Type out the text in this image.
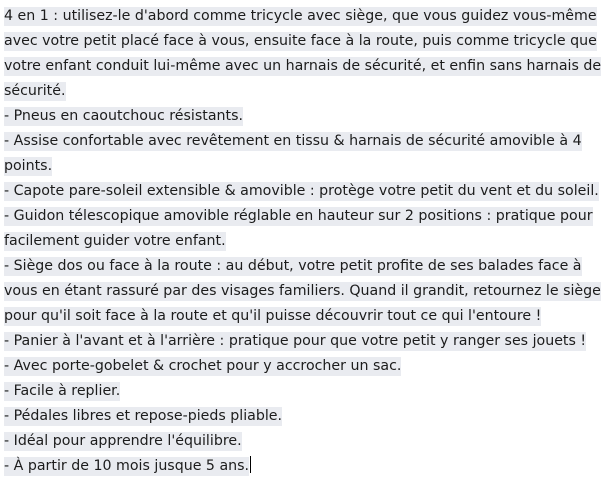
4 en 1 : utilisez-le d'abord comme tricycle avec siège, que vous guidez vous-même avec votre petit placé face à vous, ensuite face à la route, puis comme tricycle que votre enfant conduit lui-même avec un harnais de sécurité, et enfin sans harnais de sécurité.

- Pneus en caoutchouc résistants.

- Assise confortable avec revêtement en tissu & harnais de sécurité amovible à 4 points.

- Capote pare-soleil extensible & amovible : protège votre petit du vent et du soleil.

- Guidon télescopique amovible réglable en hauteur sur 2 positions : pratique pour facilement guider votre enfant.

- Siège dos ou face à la route : au début, votre petit profite de ses balades face à vous en étant rassuré par des visages familiers. Quand il grandit, retournez le siège pour qu'il soit face à la route et qu'il puisse découvrir tout ce qui l'entoure !

- Panier à l'avant et à l'arrière : pratique pour que votre petit y ranger ses jouets !

- Avec porte-gobelet & crochet pour y accrocher un sac.

- Facile à replier.

- Pédales libres et repose-pieds pliable.

- Idéal pour apprendre l'équilibre.

- À partir de 10 mois jusque 5 ans.
